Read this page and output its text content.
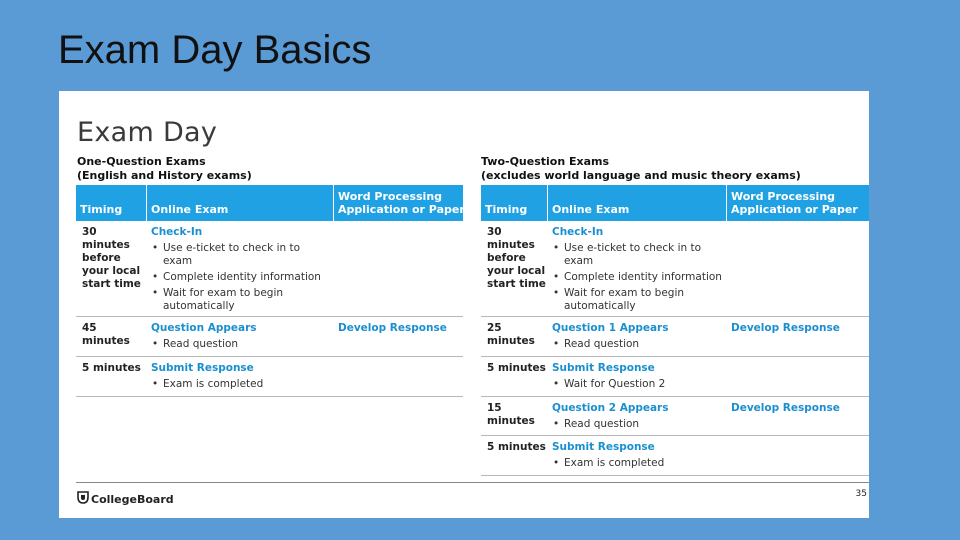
Exam Day Basics
Exam Day
One-Question Exams
(English and History exams)
Two-Question Exams
(excludes world language and music theory exams)
Timing	Online Exam
Word Processing
Application or Paper Timing Online Exam
Word Processing
Application or Paper
30
minutes
before
your local
start time
Check-In
• Use e-ticket to check in to
exam
• Complete identity information
• Wait for exam to begin
automatically
45
minutes
Question Appears
• Read question
Develop Response
5 minutes Submit Response
• Exam is completed
30
minutes
before
your local
start time
Check-In
• Use e-ticket to check in to
exam
• Complete identity information
• Wait for exam to begin
automatically
25
minutes
Question 1 Appears
• Read question
Develop Response
5 minutes Submit Response
• Wait for Question 2
15
minutes
Question 2 Appears
• Read question
Develop Response
5 minutes Submit Response
• Exam is completed
CollegeBoard	35
